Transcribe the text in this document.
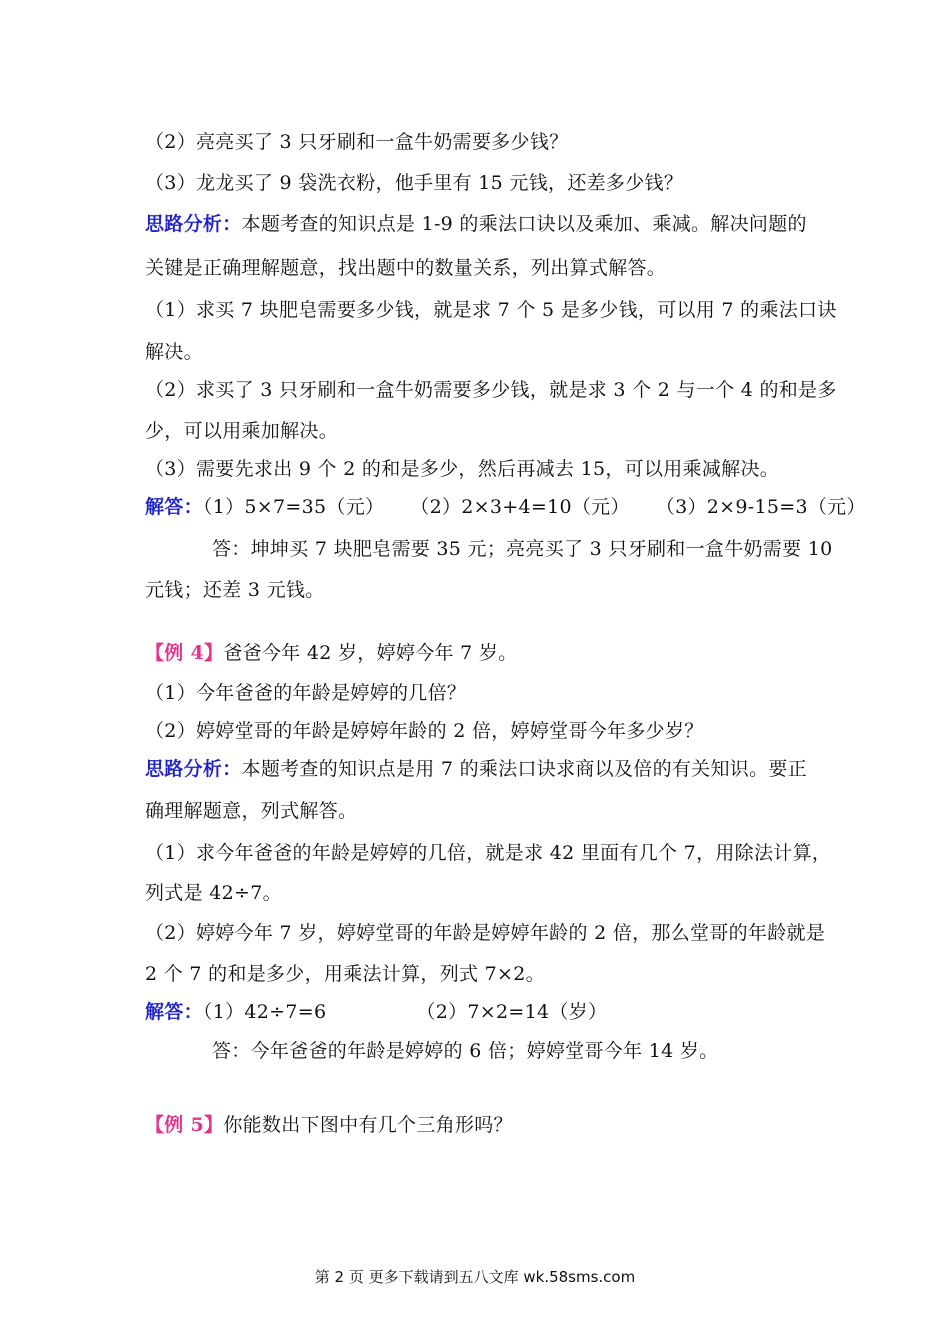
（2）亮亮买了 3 只牙刷和一盒牛奶需要多少钱？
（3）龙龙买了 9 袋洗衣粉，他手里有 15 元钱，还差多少钱？
思路分析：本题考查的知识点是 1-9 的乘法口诀以及乘加、乘减。解决问题的
关键是正确理解题意，找出题中的数量关系，列出算式解答。
（1）求买 7 块肥皂需要多少钱，就是求 7 个 5 是多少钱，可以用 7 的乘法口诀
解决。
（2）求买了 3 只牙刷和一盒牛奶需要多少钱，就是求 3 个 2 与一个 4 的和是多
少，可以用乘加解决。
（3）需要先求出 9 个 2 的和是多少，然后再减去 15，可以用乘减解决。
解答：（1）5×7=35（元） （2）2×3+4=10（元） （3）2×9-15=3（元）
答：坤坤买 7 块肥皂需要 35 元；亮亮买了 3 只牙刷和一盒牛奶需要 10
元钱；还差 3 元钱。
【例 4】爸爸今年 42 岁，婷婷今年 7 岁。
（1）今年爸爸的年龄是婷婷的几倍？
（2）婷婷堂哥的年龄是婷婷年龄的 2 倍，婷婷堂哥今年多少岁？
思路分析：本题考查的知识点是用 7 的乘法口诀求商以及倍的有关知识。要正
确理解题意，列式解答。
（1）求今年爸爸的年龄是婷婷的几倍，就是求 42 里面有几个 7，用除法计算，
列式是 42÷7。
（2）婷婷今年 7 岁，婷婷堂哥的年龄是婷婷年龄的 2 倍，那么堂哥的年龄就是
2 个 7 的和是多少，用乘法计算，列式 7×2。
解答：（1）42÷7=6	（2）7×2=14（岁）
答：今年爸爸的年龄是婷婷的 6 倍；婷婷堂哥今年 14 岁。
【例 5】你能数出下图中有几个三角形吗？
第 2 页 更多下载请到五八文库 wk.58sms.com
